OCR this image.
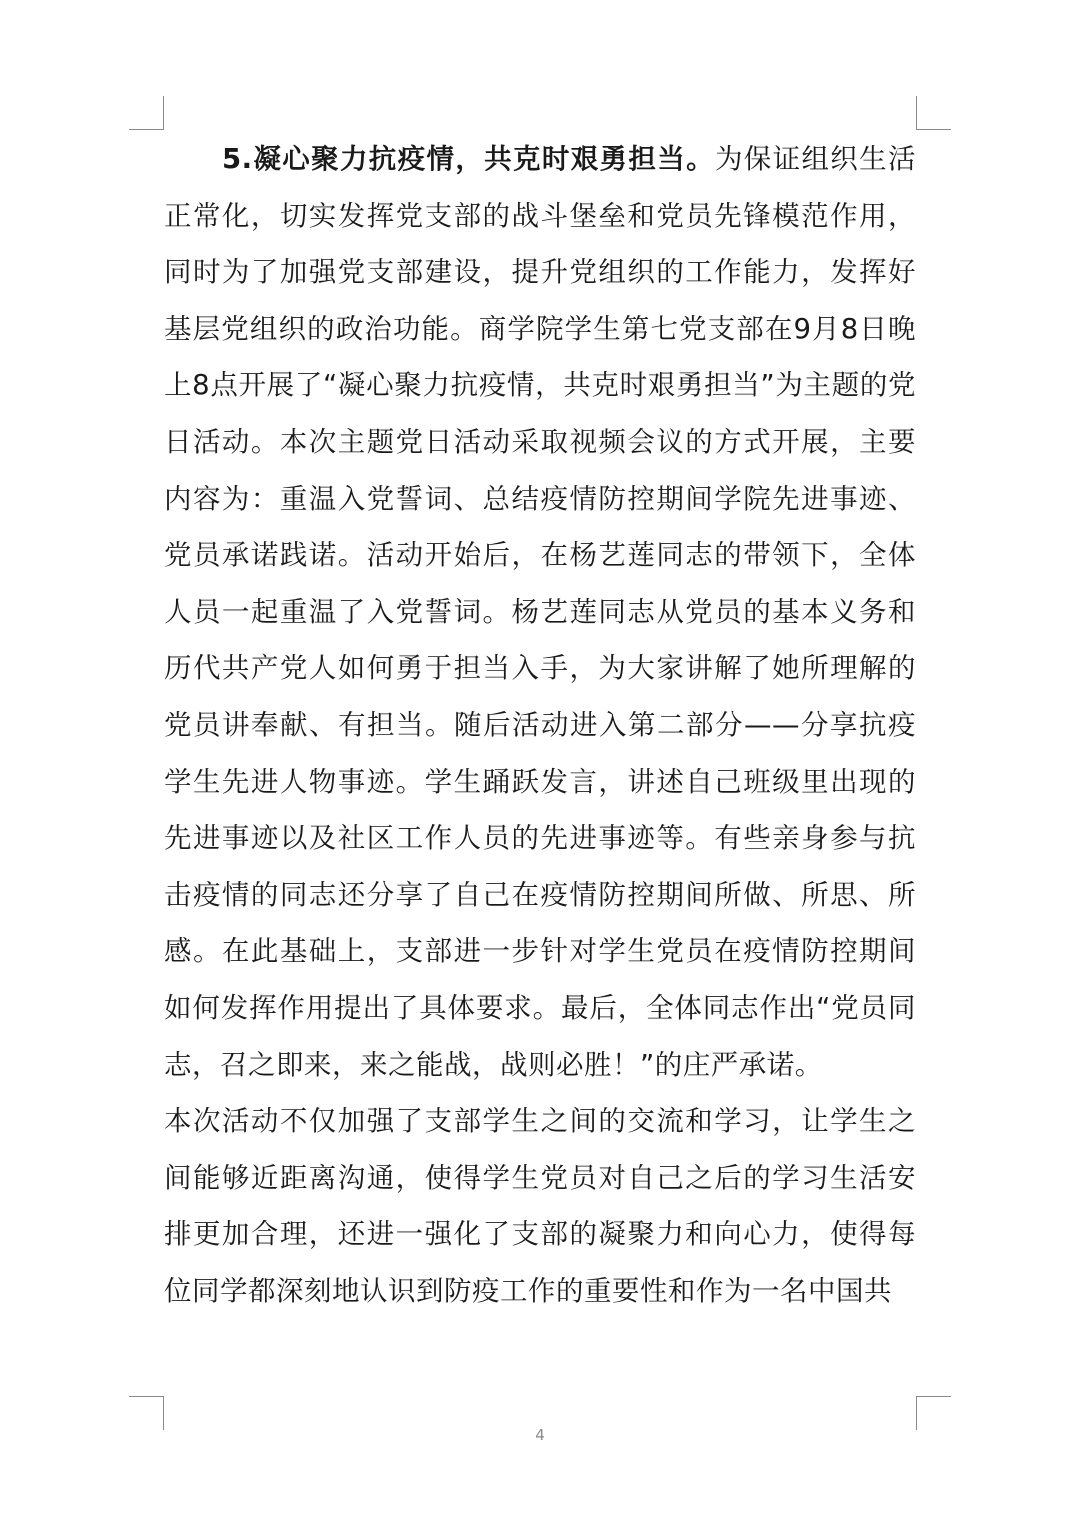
5.凝心聚力抗疫情，共克时艰勇担当。为保证组织生活正常化，切实发挥党支部的战斗堡垒和党员先锋模范作用，同时为了加强党支部建设，提升党组织的工作能力，发挥好基层党组织的政治功能。商学院学生第七党支部在9月8日晚上8点开展了“凝心聚力抗疫情，共克时艰勇担当”为主题的党日活动。本次主题党日活动采取视频会议的方式开展，主要内容为：重温入党誓词、总结疫情防控期间学院先进事迹、党员承诺践诺。活动开始后，在杨艺莲同志的带领下，全体人员一起重温了入党誓词。杨艺莲同志从党员的基本义务和历代共产党人如何勇于担当入手，为大家讲解了她所理解的党员讲奉献、有担当。随后活动进入第二部分——分享抗疫学生先进人物事迹。学生踊跃发言，讲述自己班级里出现的先进事迹以及社区工作人员的先进事迹等。有些亲身参与抗击疫情的同志还分享了自己在疫情防控期间所做、所思、所感。在此基础上，支部进一步针对学生党员在疫情防控期间如何发挥作用提出了具体要求。最后，全体同志作出“党员同志，召之即来，来之能战，战则必胜！”的庄严承诺。

本次活动不仅加强了支部学生之间的交流和学习，让学生之间能够近距离沟通，使得学生党员对自己之后的学习生活安排更加合理，还进一强化了支部的凝聚力和向心力，使得每位同学都深刻地认识到防疫工作的重要性和作为一名中国共

4
